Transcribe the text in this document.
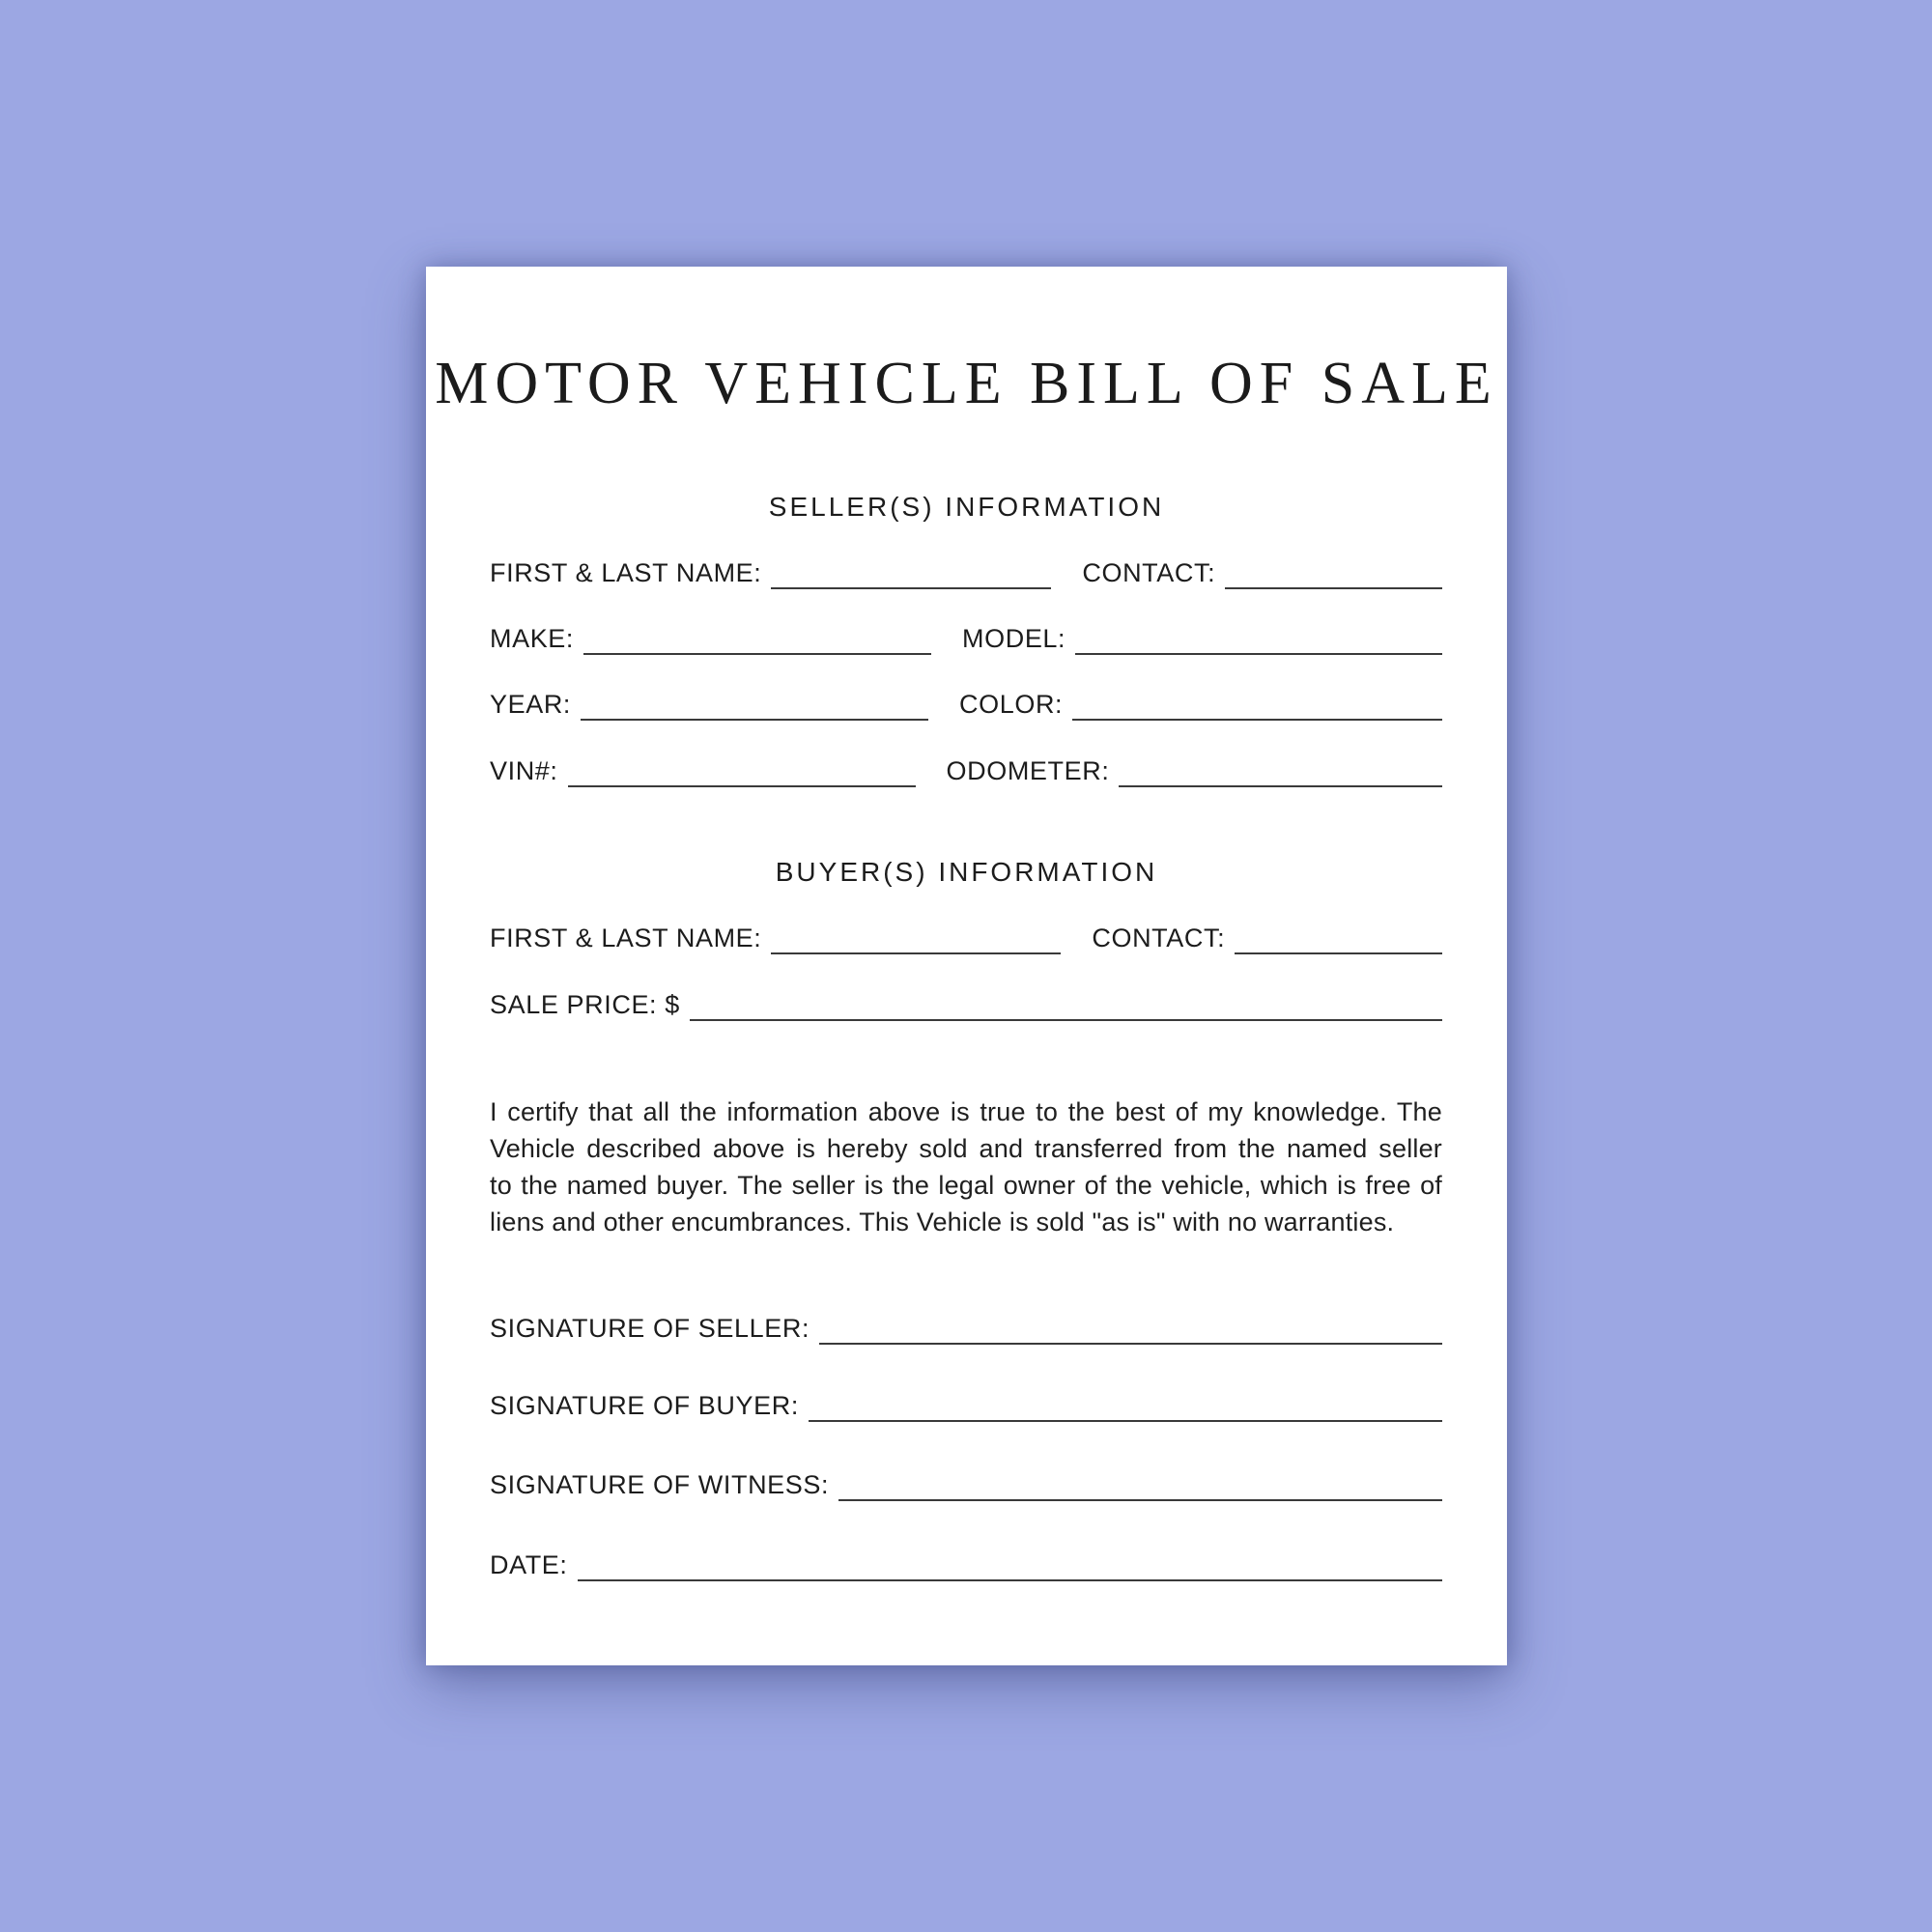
MOTOR VEHICLE BILL OF SALE
SELLER(S) INFORMATION
FIRST & LAST NAME:	CONTACT:
MAKE:	MODEL:
YEAR:	COLOR:
VIN#:	ODOMETER:
BUYER(S) INFORMATION
FIRST & LAST NAME:	CONTACT:
SALE PRICE: $
I certify that all the information above is true to the best of my knowledge. The
Vehicle described above is hereby sold and transferred from the named seller
to the named buyer. The seller is the legal owner of the vehicle, which is free of
liens and other encumbrances. This Vehicle is sold "as is" with no warranties.
SIGNATURE OF SELLER:
SIGNATURE OF BUYER:
SIGNATURE OF WITNESS:
DATE:
